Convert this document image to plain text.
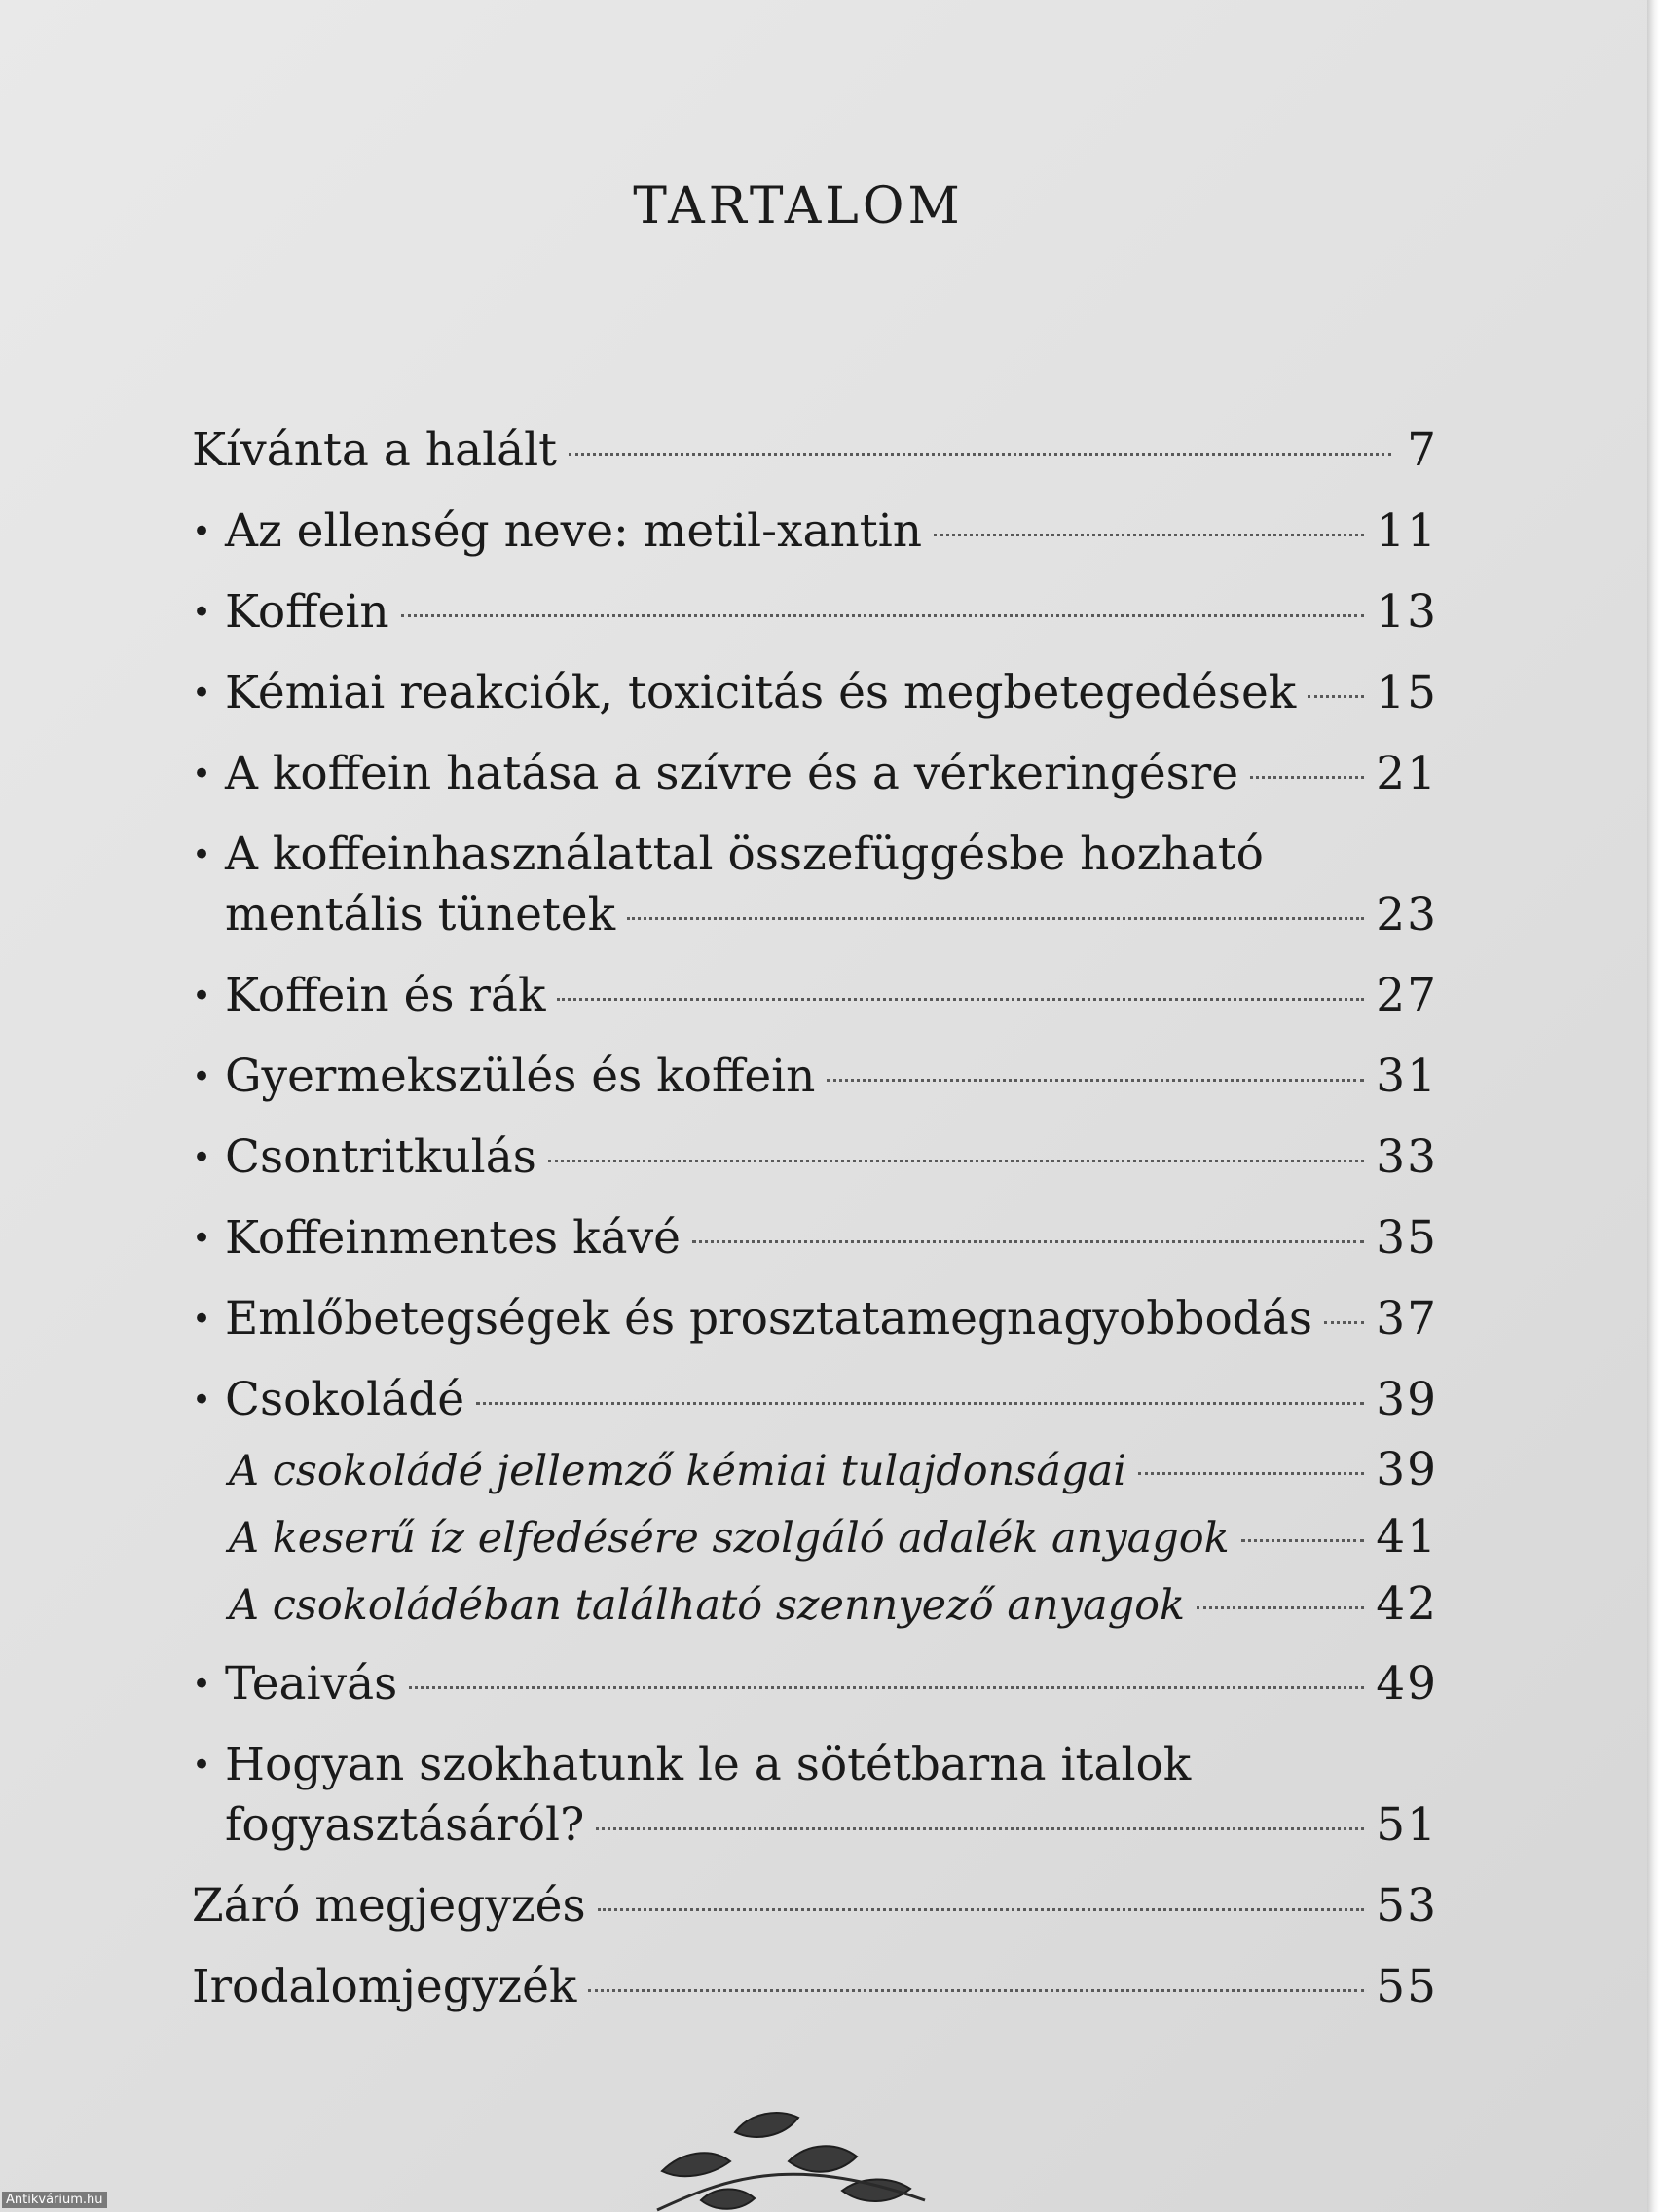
TARTALOM
Kívánta a halált	7
• Az ellenség neve: metil-xantin	11
• Koffein	13
• Kémiai reakciók, toxicitás és megbetegedések 15
• A koffein hatása a szívre és a vérkeringésre	21
• A koffeinhasználattal összefüggésbe hozható
mentális tünetek	23
• Koffein és rák	27
• Gyermekszülés és koffein	31
• Csontritkulás	33
• Koffeinmentes kávé	35
• Emlőbetegségek és prosztatamegnagyobbodás 37
• Csokoládé	39
A csokoládé jellemző kémiai tulajdonságai	39
A keserű íz elfedésére szolgáló adalék anyagok	41
A csokoládéban található szennyező anyagok	42
• Teaivás	49
• Hogyan szokhatunk le a sötétbarna italok
fogyasztásáról?	51
Záró megjegyzés	53
Irodalomjegyzék	55
Antikvárium.hu
